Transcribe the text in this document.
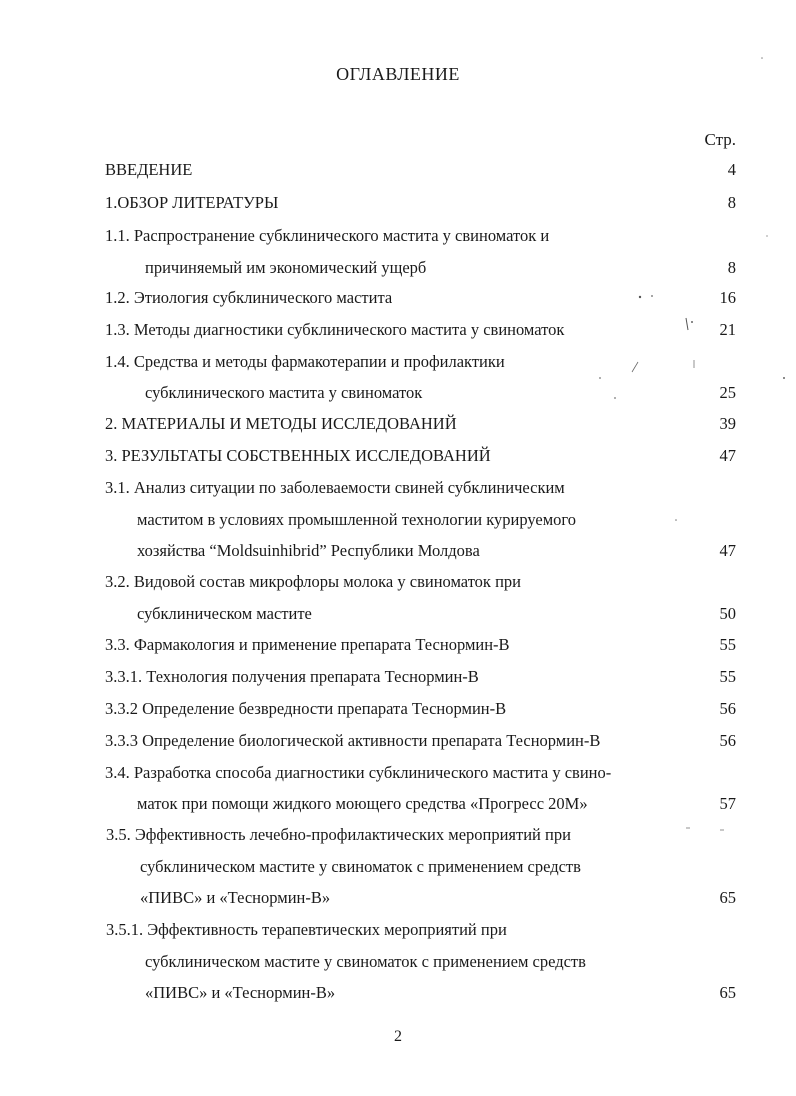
ОГЛАВЛЕНИЕ
Стр.
ВВЕДЕНИЕ	4
1.ОБЗОР ЛИТЕРАТУРЫ	8
1.1. Распространение субклинического мастита у свиноматок и
причиняемый им экономический ущерб	8
1.2. Этиология субклинического мастита	16
1.3. Методы диагностики субклинического мастита у свиноматок	21
1.4. Средства и методы фармакотерапии и профилактики
субклинического мастита у свиноматок	25
2. МАТЕРИАЛЫ И МЕТОДЫ ИССЛЕДОВАНИЙ	39
3. РЕЗУЛЬТАТЫ СОБСТВЕННЫХ ИССЛЕДОВАНИЙ	47
3.1. Анализ ситуации по заболеваемости свиней субклиническим
маститом в условиях промышленной технологии курируемого
хозяйства “Moldsuinhibrid” Республики Молдова	47
3.2. Видовой состав микрофлоры молока у свиноматок при
субклиническом мастите	50
3.3. Фармакология и применение препарата Теснормин-В	55
3.3.1. Технология получения препарата Теснормин-В	55
3.3.2 Определение безвредности препарата Теснормин-В	56
3.3.3 Определение биологической активности препарата Теснормин-В	56
3.4. Разработка способа диагностики субклинического мастита у свино-
маток при помощи жидкого моющего средства «Прогресс 20М»	57
3.5. Эффективность лечебно-профилактических мероприятий при
субклиническом мастите у свиноматок с применением средств
«ПИВС» и «Теснормин-В»	65
3.5.1. Эффективность терапевтических мероприятий при
субклиническом мастите у свиноматок с применением средств
«ПИВС» и «Теснормин-В»	65
2
